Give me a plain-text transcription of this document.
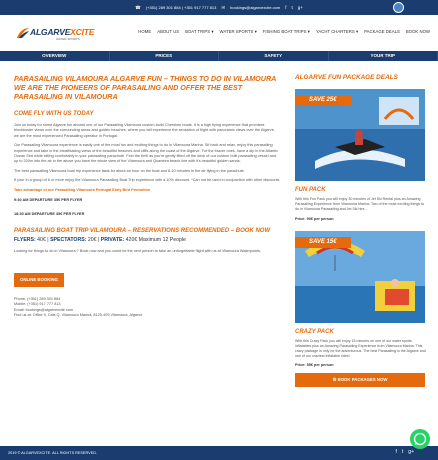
☎ (+351) 289 301 884 | +351 917 777 813 ✉ bookings@algarvexcite.com f t g+
ALGARVEXCITE
WATER SPORTS
HOME ABOUT US BOAT TRIPS ▾ WATER SPORTS ▾ FISHING BOAT TRIPS ▾ YACHT CHARTERS ▾ PACKAGE DEALS BOOK NOW
OVERVIEW	PRICES	SAFETY	YOUR TRIP
PARASAILING VILAMOURA ALGARVE FUN – THINGS TO DO IN VILAMOURA WE ARE THE PIONEERS OF PARASAILING AND OFFER THE BEST PARASAILING IN VILAMOURA
COME FLY WITH US TODAY

Join us today for some Algarve fun aboard one of our Parasailing Vilamoura custom-build Cherokee boats. It is a high flying experience that promises blockbuster views over the surrounding areas and golden beaches, where you will experience the sensation of flight with panoramic views over the Algarve, we are the most experienced Parasailing operator in Portugal.

Our Parasailing Vilamoura experience is easily one of the most fun and exciting things to do in Vilamoura Marina. Sit back and relax, enjoy this parasailing experience and take in the breathtaking views of the beautiful beaches and cliffs along the coast of the Algarve. For the braver ones, have a dip in the Atlantic Ocean Sea while sitting comfortably in your parasailing parachute. Feel the thrill as you're gently lifted off the deck of our custom built parasailing vessel and up to 200m into the air in the above you have the whole view of the Vilamoura and Quarteira beach line with it's beautiful golden sands.

The best parasailing Vilamoura boat trip experience lasts for about an hour on the boat and 8-10 minutes in the air flying in the parachute.

If your in a group of 6 or more enjoy the Vilamoura Parasailing Boat Trip experience with a 10% discount. *Can not be used in conjunction with other discounts

Take advantage of our Parasailing Vilamoura Portugal Early Bird Promotion

9:30 AM DEPARTURE 35€ PER FLYER

18:30 AM DEPARTURE 35€ PER FLYER

PARASAILING BOAT TRIP VILAMOURA – RESERVATIONS RECOMMENDED – BOOK NOW

FLYERS: 40€ | SPECTATORS: 20€ | PRIVATE: 420€ Maximum 12 People

Looking for things to do in Vilamoura ? Book now and you could be the next person to take an unforgettable flight with us at Vilamoura Waterpoints.

ONLINE BOOKING

Phone: (+351) 289 301 884

Mobile: (+351) 917 777 813

Email: bookings@algarvexcite.com

Find us at: Office 5, Cais Q, Vilamoura Marina, 8125-409 Vilamoura, Algarve

ALGARVE FUN PACKAGE DEALS
SAVE 25€
FUN PACK

With this Fun Pack you will enjoy 30 minutes of Jet Ski Rental plus an Amazing Parasailing Experience from Vilamoura Marina. Two of the most exciting things to do in Vilamoura Parasailing and Jet Ski hire...

Price: 90€ per person

SAVE 15€
CRAZY PACK

With this Crazy Pack you will enjoy 15 minutes on one of our water sports inflatables plus an Amazing Parasailing Experience from Vilamoura Marina. This crazy package is only for the adventurous. The best Parasailing in the Algarve and one of our craziest inflatable rides!

Price: 55€ per person

⚙ BOOK PACKAGES NOW
2019 © ALGARVEXCITE. ALL RIGHTS RESERVED.	f t g+
